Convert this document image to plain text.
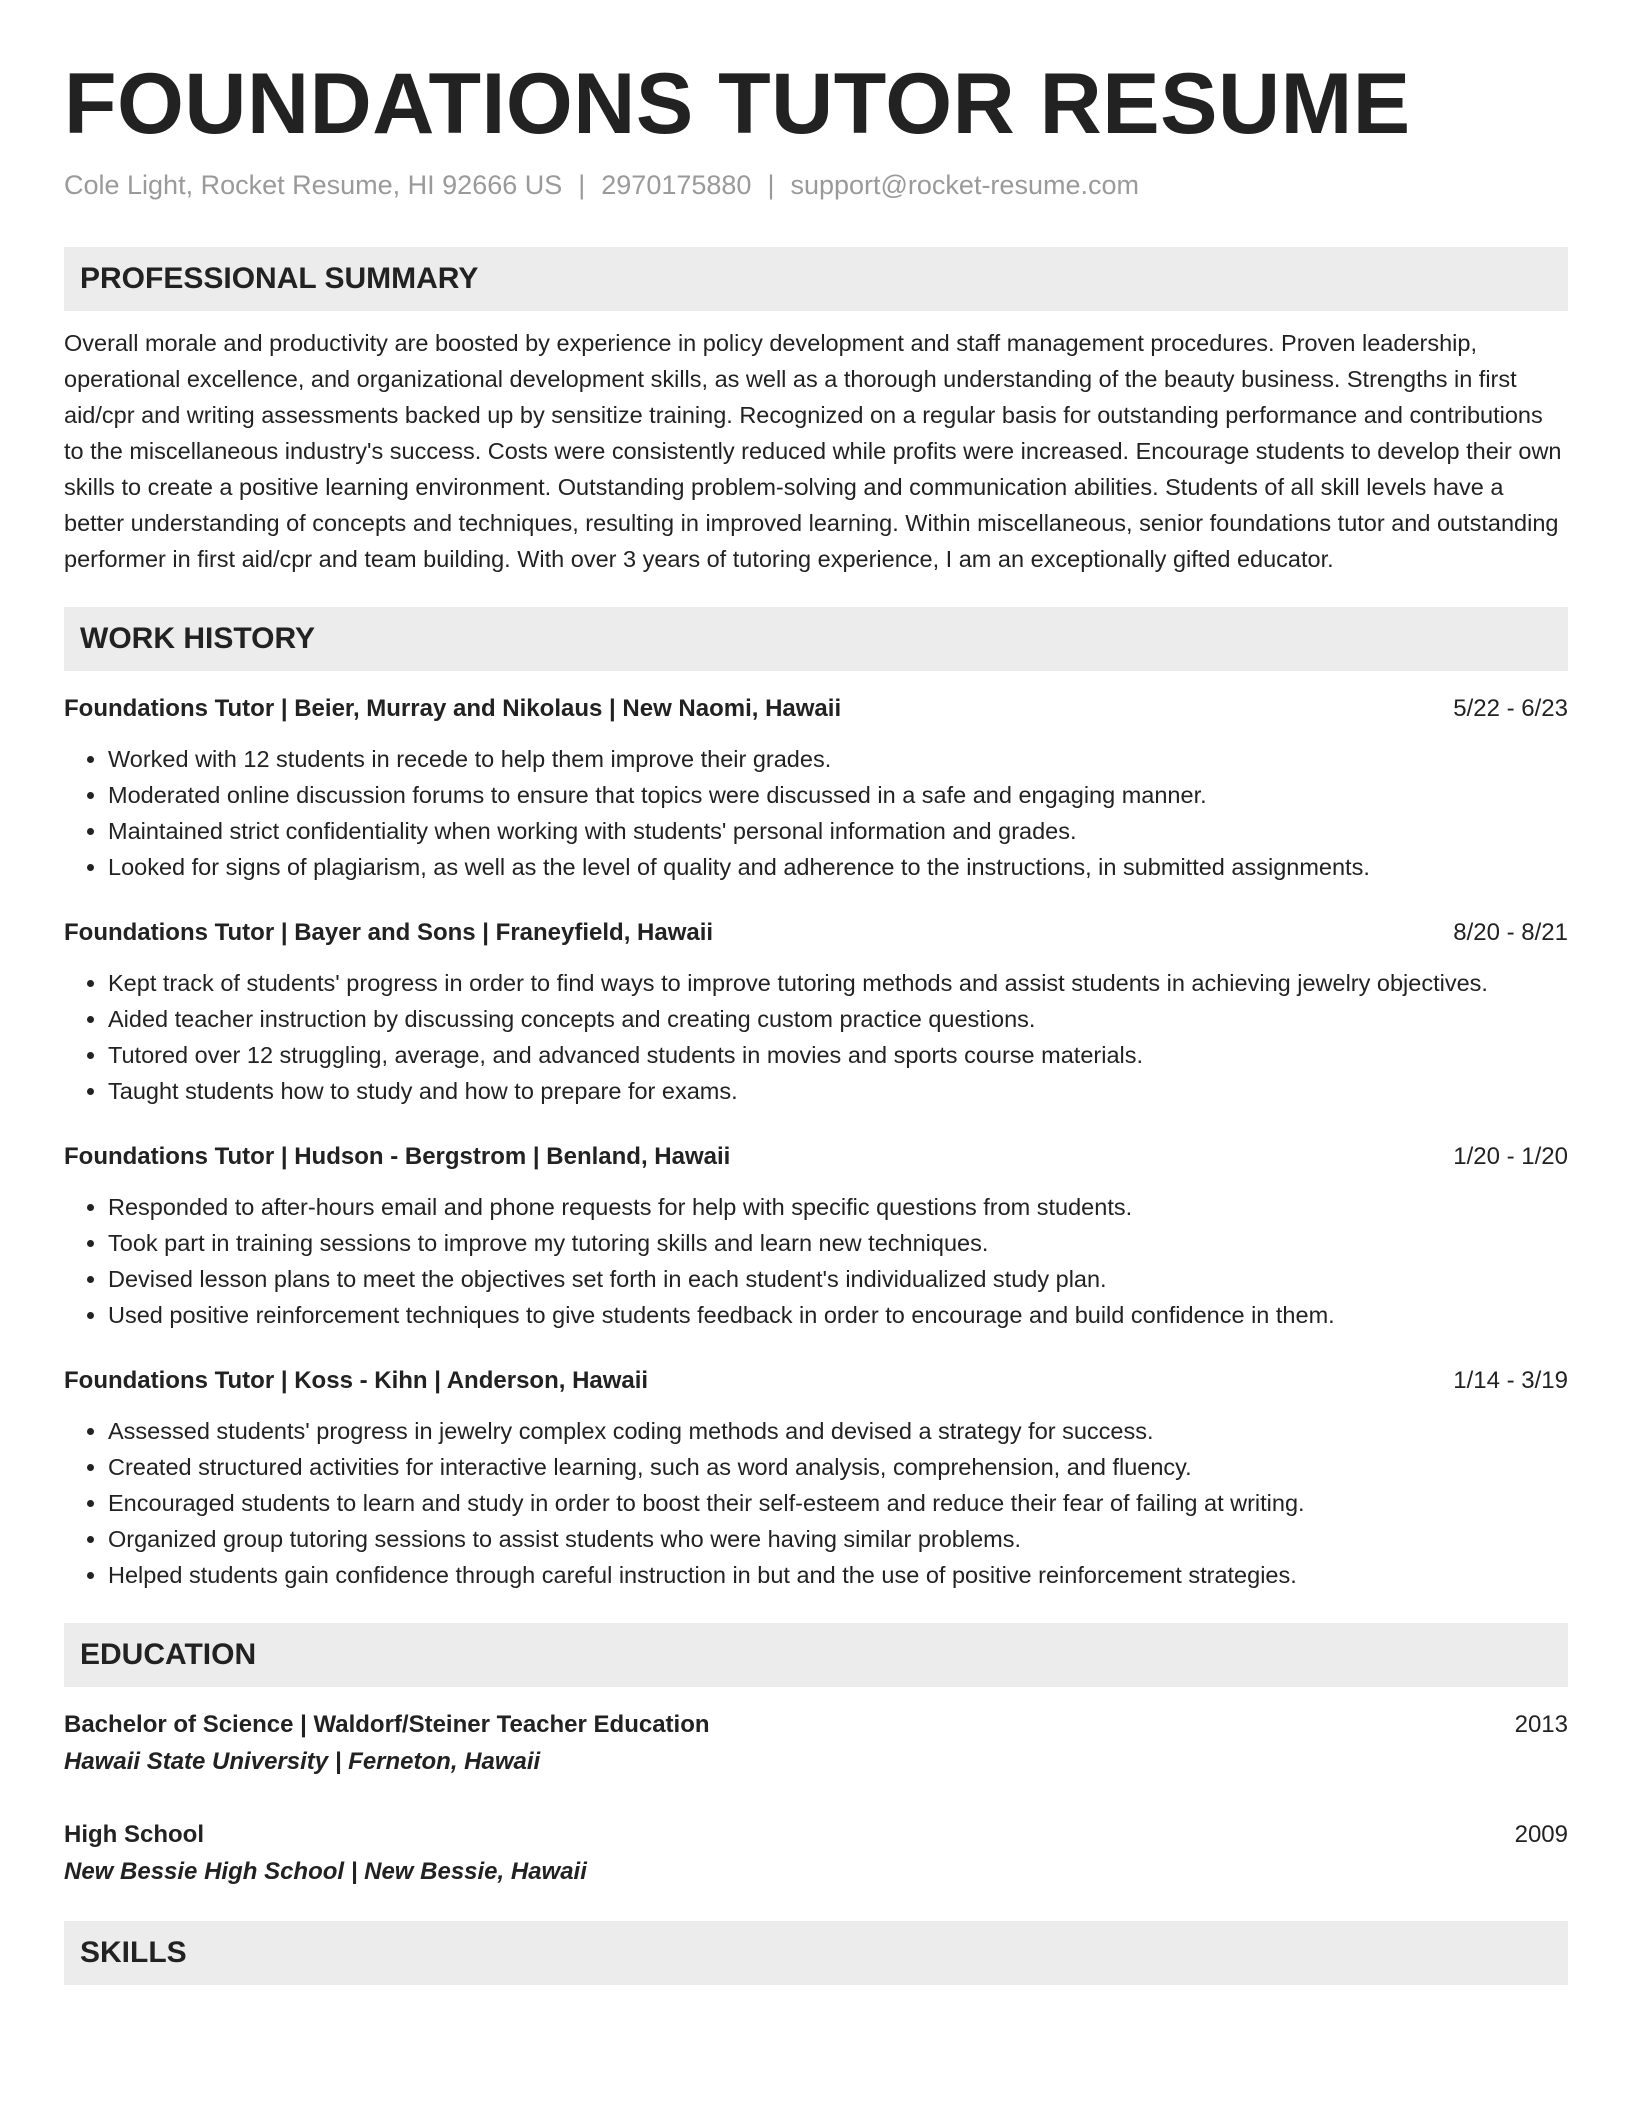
FOUNDATIONS TUTOR RESUME
Cole Light, Rocket Resume, HI 92666 US | 2970175880 | support@rocket-resume.com
PROFESSIONAL SUMMARY
Overall morale and productivity are boosted by experience in policy development and staff management procedures. Proven leadership, operational excellence, and organizational development skills, as well as a thorough understanding of the beauty business. Strengths in first aid/cpr and writing assessments backed up by sensitize training. Recognized on a regular basis for outstanding performance and contributions to the miscellaneous industry's success. Costs were consistently reduced while profits were increased. Encourage students to develop their own skills to create a positive learning environment. Outstanding problem-solving and communication abilities. Students of all skill levels have a better understanding of concepts and techniques, resulting in improved learning. Within miscellaneous, senior foundations tutor and outstanding performer in first aid/cpr and team building. With over 3 years of tutoring experience, I am an exceptionally gifted educator.
WORK HISTORY
Foundations Tutor | Beier, Murray and Nikolaus | New Naomi, Hawaii	5/22 - 6/23
• Worked with 12 students in recede to help them improve their grades.
• Moderated online discussion forums to ensure that topics were discussed in a safe and engaging manner.
• Maintained strict confidentiality when working with students' personal information and grades.
• Looked for signs of plagiarism, as well as the level of quality and adherence to the instructions, in submitted assignments.
Foundations Tutor | Bayer and Sons | Franeyfield, Hawaii	8/20 - 8/21
• Kept track of students' progress in order to find ways to improve tutoring methods and assist students in achieving jewelry objectives.
• Aided teacher instruction by discussing concepts and creating custom practice questions.
• Tutored over 12 struggling, average, and advanced students in movies and sports course materials.
• Taught students how to study and how to prepare for exams.
Foundations Tutor | Hudson - Bergstrom | Benland, Hawaii	1/20 - 1/20
• Responded to after-hours email and phone requests for help with specific questions from students.
• Took part in training sessions to improve my tutoring skills and learn new techniques.
• Devised lesson plans to meet the objectives set forth in each student's individualized study plan.
• Used positive reinforcement techniques to give students feedback in order to encourage and build confidence in them.
Foundations Tutor | Koss - Kihn | Anderson, Hawaii	1/14 - 3/19
• Assessed students' progress in jewelry complex coding methods and devised a strategy for success.
• Created structured activities for interactive learning, such as word analysis, comprehension, and fluency.
• Encouraged students to learn and study in order to boost their self-esteem and reduce their fear of failing at writing.
• Organized group tutoring sessions to assist students who were having similar problems.
• Helped students gain confidence through careful instruction in but and the use of positive reinforcement strategies.
EDUCATION
Bachelor of Science | Waldorf/Steiner Teacher Education	2013
Hawaii State University | Ferneton, Hawaii
High School	2009
New Bessie High School | New Bessie, Hawaii
SKILLS
